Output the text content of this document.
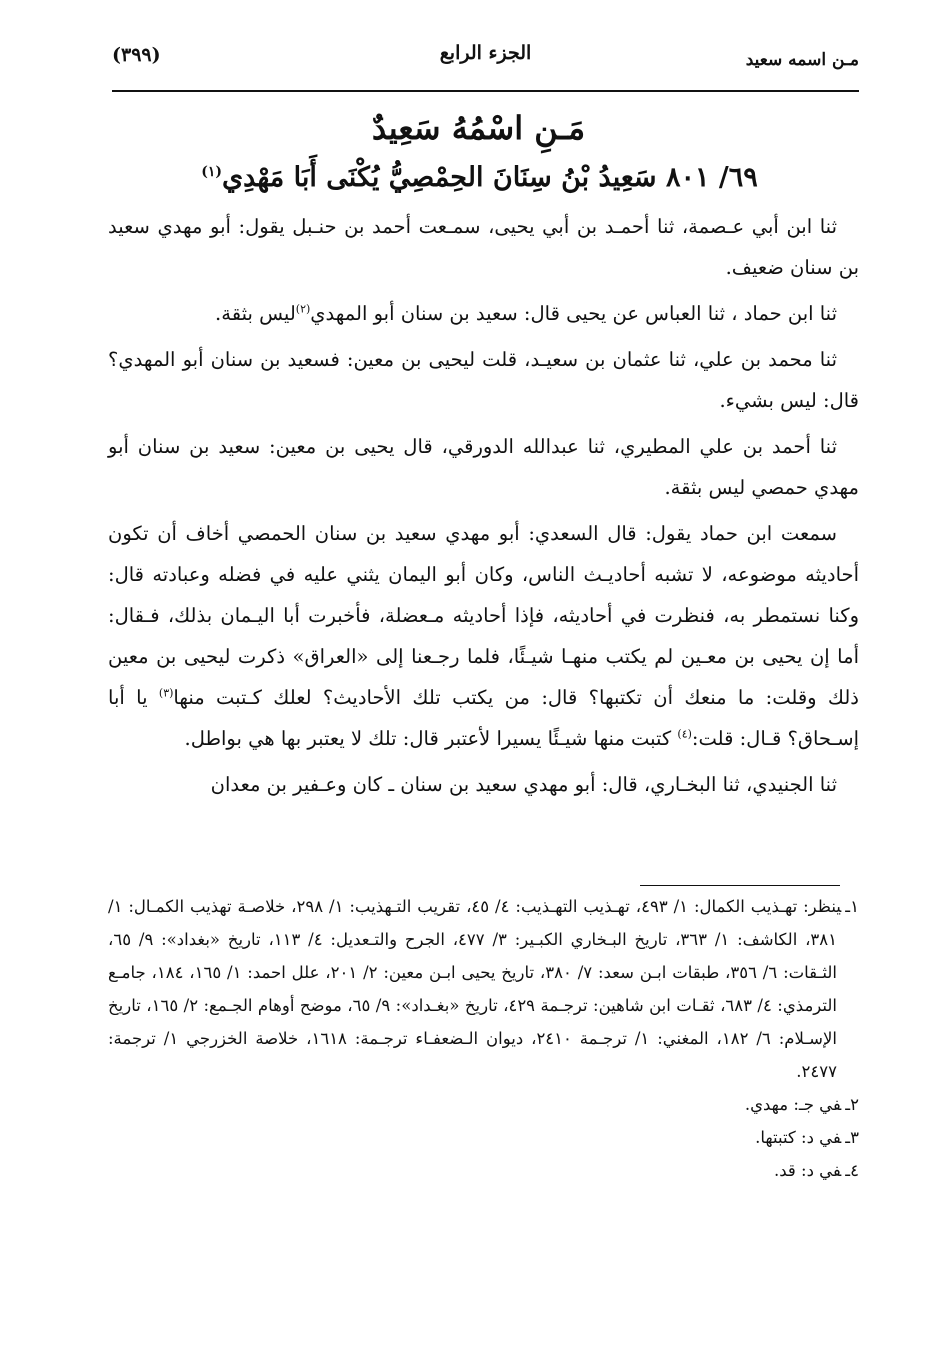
مـن اسمه سعيد
الجزء الرابع
(٣٩٩)
مَـنِ اسْمُهُ سَعِيدٌ
٦٩/ ٨٠١ سَعِيدُ بْنُ سِنَانَ الحِمْصِيُّ يُكْنَى أَبَا مَهْدِي$^{(١)}$

ثنا ابن أبي عـصمة، ثنا أحمـد بن أبي يحيى، سمـعت أحمد بن حنـبل يقول: أبو مهدي سعيد بن سنان ضعيف.

ثنا ابن حماد ، ثنا العباس عن يحيى قال: سعيد بن سنان أبو المهدي$^{(٢)}$ليس بثقة.

ثنا محمد بن علي، ثنا عثمان بن سعيـد، قلت ليحيى بن معين: فسعيد بن سنان أبو المهدي؟ قال: ليس بشيء.

ثنا أحمد بن علي المطيري، ثنا عبدالله الدورقي، قال يحيى بن معين: سعيد بن سنان أبو مهدي حمصي ليس بثقة.

سمعت ابن حماد يقول: قال السعدي: أبو مهدي سعيد بن سنان الحمصي أخاف أن تكون أحاديثه موضوعه، لا تشبه أحاديـث الناس، وكان أبو اليمان يثني عليه في فضله وعبادته قال: وكنا نستمطر به، فنظرت في أحاديثه، فإذا أحاديثه مـعضلة، فأخبرت أبا اليـمان بذلك، فـقال: أما إن يحيى بن معـين لم يكتب منهـا شيـئًا، فلما رجـعنا إلى «العراق» ذكرت ليحيى بن معين ذلك وقلت: ما منعك أن تكتبها؟ قال: من يكتب تلك الأحاديث؟ لعلك كـتبت منها$^{(٣)}$ يا أبا إسـحاق؟ قـال: قلت:$^{(٤)}$ كتبت منها شيـئًا يسيرا لأعتبر قال: تلك لا يعتبر بها هي بواطل.

ثنا الجنيدي، ثنا البخـاري، قال: أبو مهدي سعيد بن سنان ـ كان وعـفير بن معدان

١ـينظر: تهـذيب الكمال: ١/ ٤٩٣، تهـذيب التهـذيب: ٤/ ٤٥، تقريب التـهذيب: ١/ ٢٩٨، خلاصـة تهذيب الكمـال: ١/ ٣٨١، الكاشف: ١/ ٣٦٣، تاريخ البـخاري الكبـير: ٣/ ٤٧٧، الجرح والتـعديل: ٤/ ١١٣، تاريخ «بغداد»: ٩/ ٦٥، الثـقات: ٦/ ٣٥٦، طبقات ابـن سعد: ٧/ ٣٨٠، تاريخ يحيى ابـن معين: ٢/ ٢٠١، علل احمد: ١/ ١٦٥، ١٨٤، جامـع الترمذي: ٤/ ٦٨٣، ثقـات ابن شاهين: ترجـمة ٤٢٩، تاريخ «بغـداد»: ٩/ ٦٥، موضح أوهام الجـمع: ٢/ ١٦٥، تاريخ الإسـلام: ٦/ ١٨٢، المغني: ١/ ترجـمة ٢٤١٠، ديوان الـضعفـاء ترجـمة: ١٦١٨، خلاصة الخزرجي ١/ ترجمة: ٢٤٧٧.

٢ـفي جـ: مهدي.

٣ـفي د: كتبتها.

٤ـفي د: قد.
